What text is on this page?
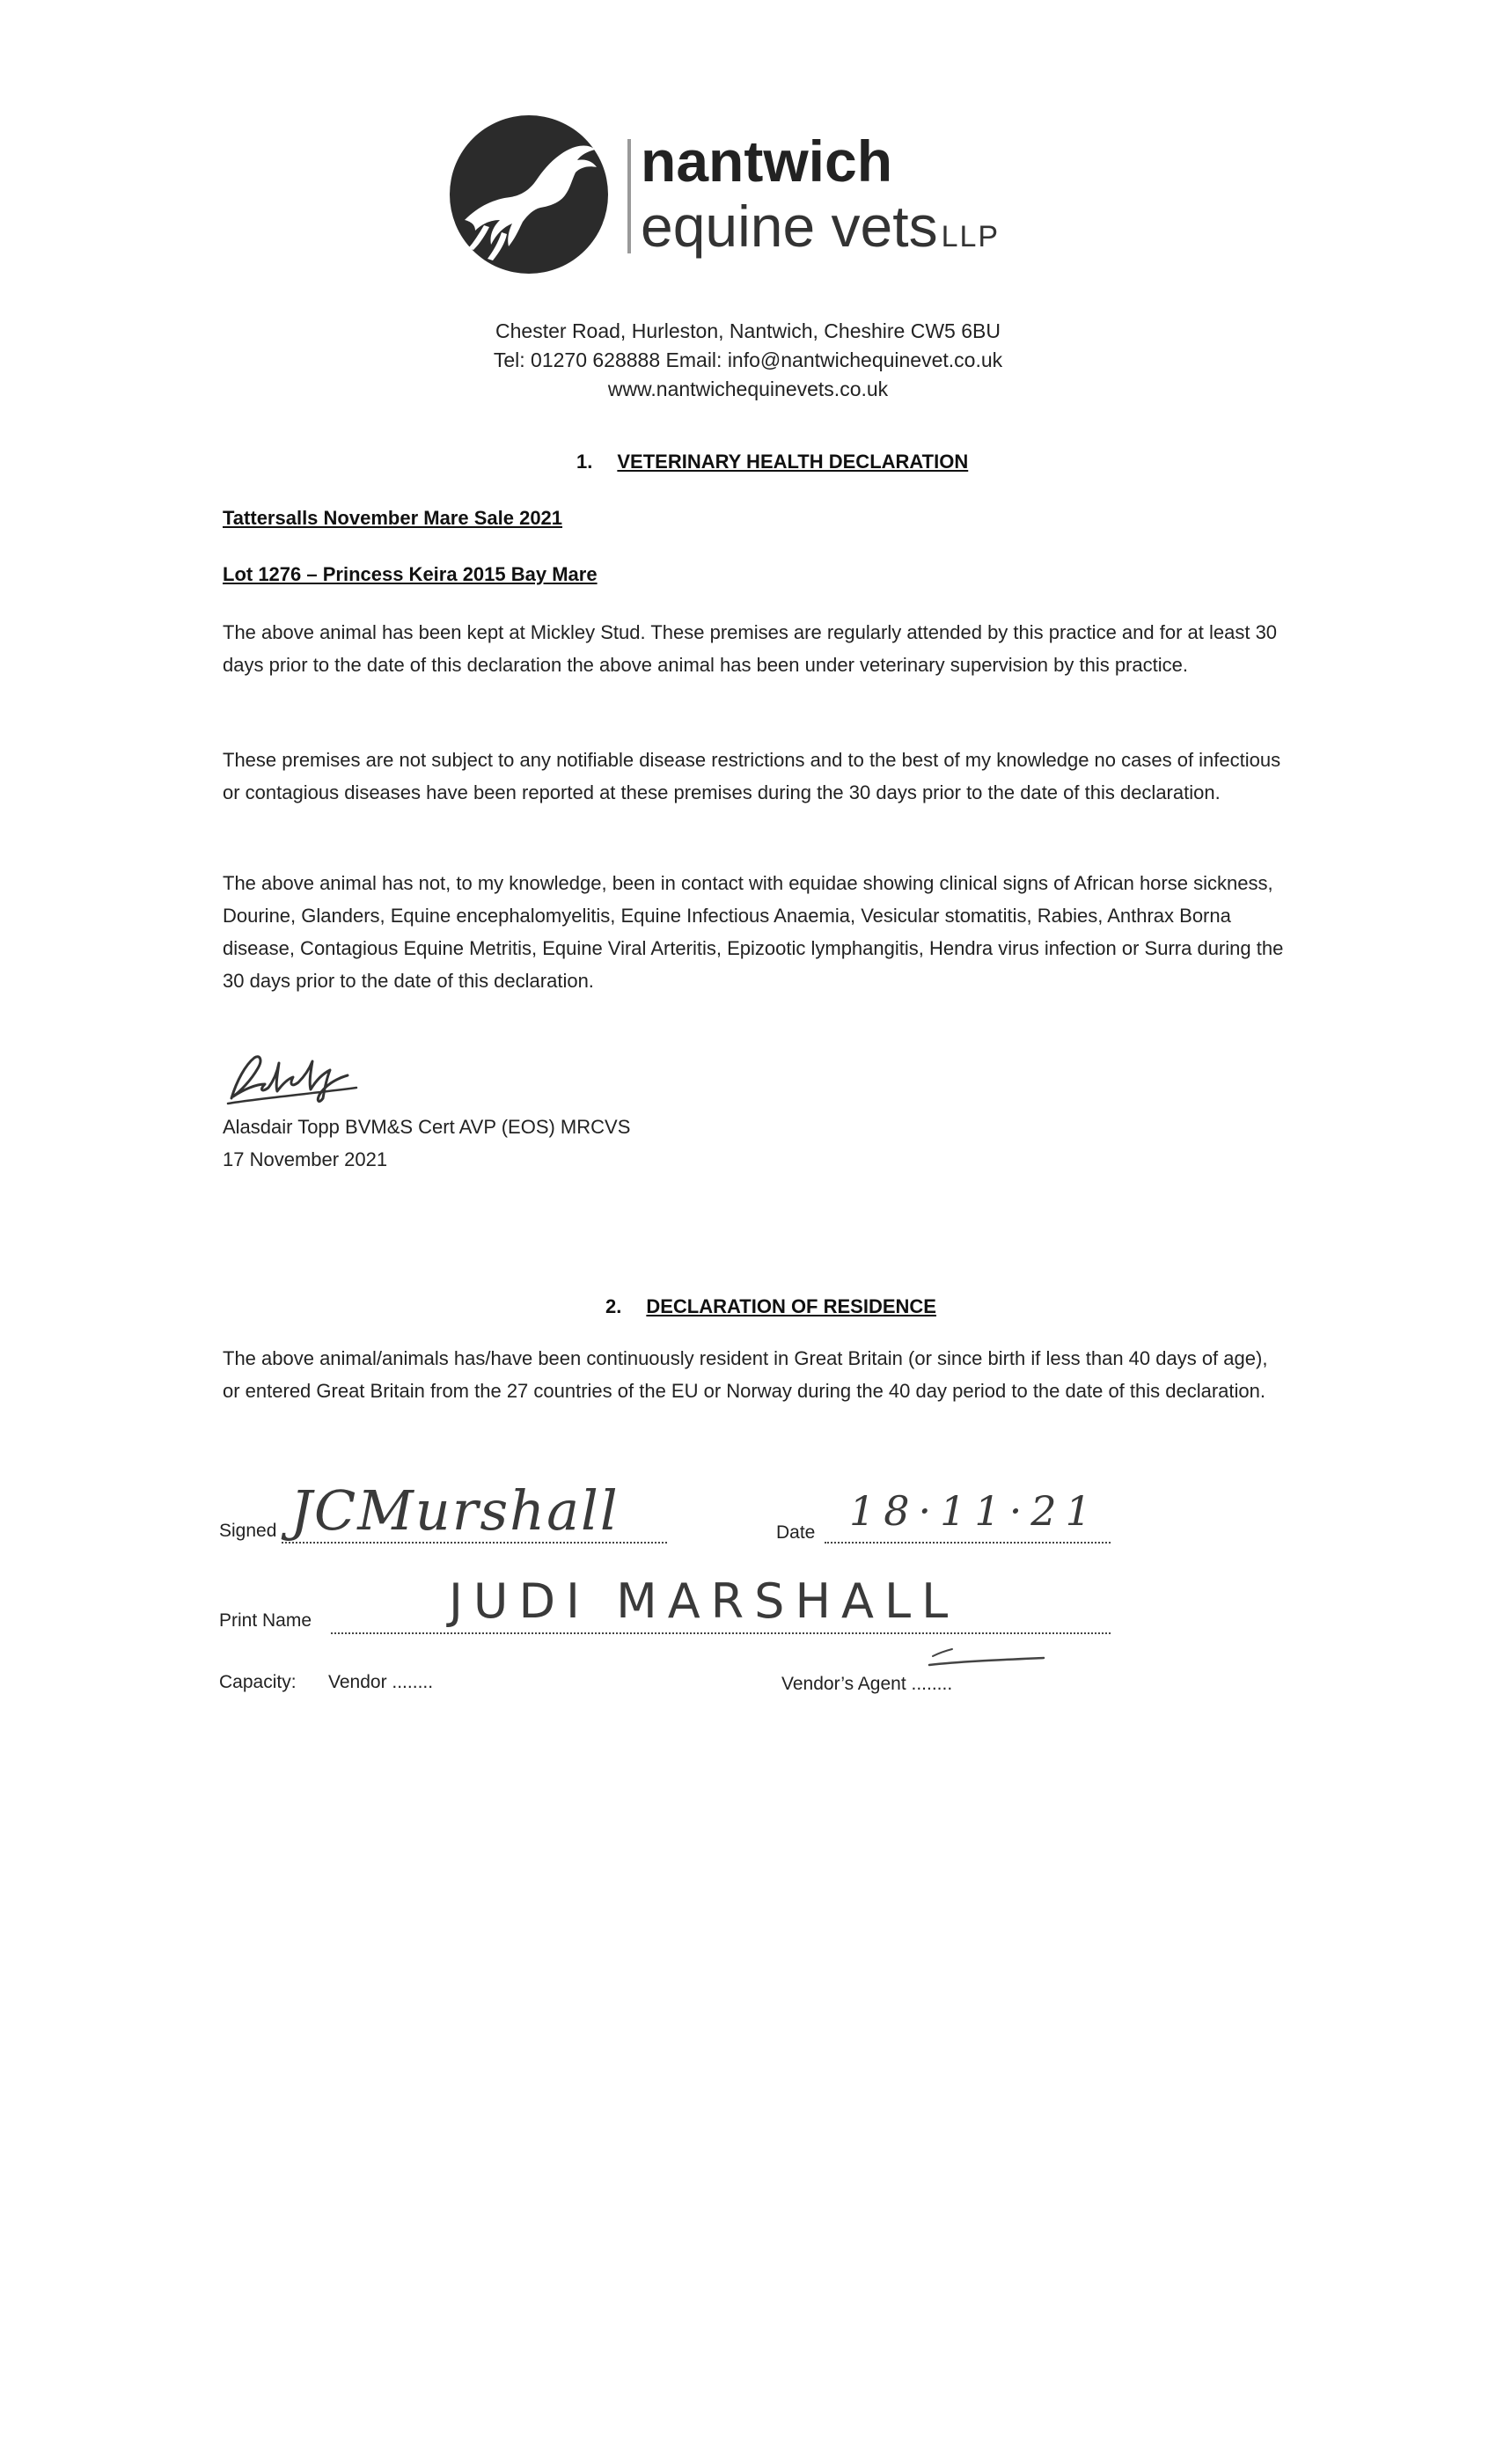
nantwich
equine vets LLP
Chester Road, Hurleston, Nantwich, Cheshire CW5 6BU
Tel: 01270 628888 Email: info@nantwichequinevet.co.uk
www.nantwichequinevets.co.uk
1. VETERINARY HEALTH DECLARATION
Tattersalls November Mare Sale 2021
Lot 1276 – Princess Keira 2015 Bay Mare
The above animal has been kept at Mickley Stud. These premises are regularly attended by this practice and for at least 30 days prior to the date of this declaration the above animal has been under veterinary supervision by this practice.
These premises are not subject to any notifiable disease restrictions and to the best of my knowledge no cases of infectious or contagious diseases have been reported at these premises during the 30 days prior to the date of this declaration.
The above animal has not, to my knowledge, been in contact with equidae showing clinical signs of African horse sickness, Dourine, Glanders, Equine encephalomyelitis, Equine Infectious Anaemia, Vesicular stomatitis, Rabies, Anthrax Borna disease, Contagious Equine Metritis, Equine Viral Arteritis, Epizootic lymphangitis, Hendra virus infection or Surra during the 30 days prior to the date of this declaration.
Alasdair Topp BVM&S Cert AVP (EOS) MRCVS
17 November 2021
2. DECLARATION OF RESIDENCE
The above animal/animals has/have been continuously resident in Great Britain (or since birth if less than 40 days of age), or entered Great Britain from the 27 countries of the EU or Norway during the 40 day period to the date of this declaration.
Signed JCMurshall	Date 18·11·21
Print Name	JUDI MARSHALL
Capacity: Vendor ........	Vendor’s Agent ........
